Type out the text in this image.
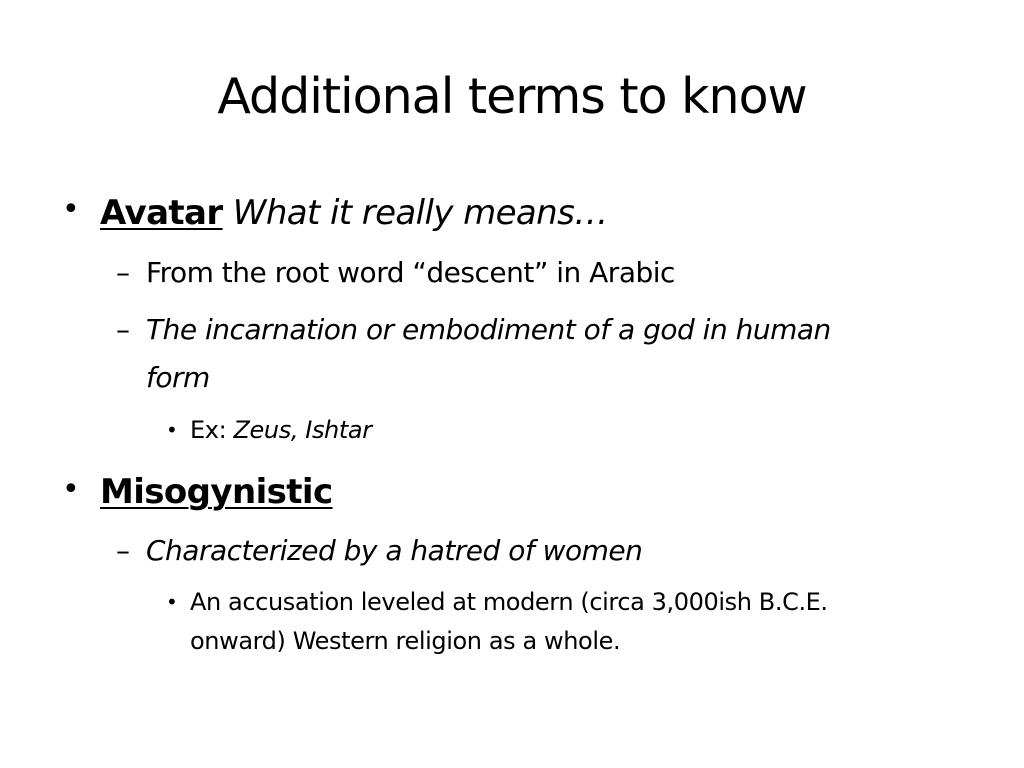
Additional terms to know
• Avatar What it really means…
– From the root word “descent” in Arabic
– The incarnation or embodiment of a god in human
form
• Ex: Zeus, Ishtar
• Misogynistic
– Characterized by a hatred of women
• An accusation leveled at modern (circa 3,000ish B.C.E.
onward) Western religion as a whole.
